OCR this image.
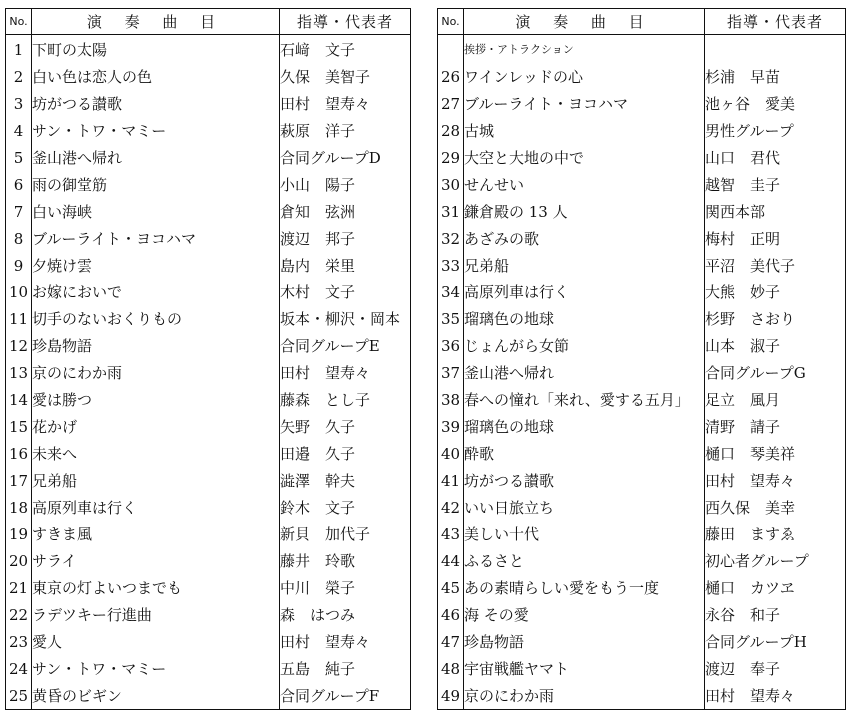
No.	演 奏 曲 目	指導・代表者
1	下町の太陽	石﨑　文子
2	白い色は恋人の色	久保　美智子
3	坊がつる讃歌	田村　望寿々
4	サン・トワ・マミー	萩原　洋子
5	釜山港へ帰れ	合同グループD
6	雨の御堂筋	小山　陽子
7	白い海峡	倉知　弦洲
8	ブルーライト・ヨコハマ	渡辺　邦子
9	夕焼け雲	島内　栄里
10	お嫁においで	木村　文子
11	切手のないおくりもの	坂本・柳沢・岡本
12	珍島物語	合同グループE
13	京のにわか雨	田村　望寿々
14	愛は勝つ	藤森　とし子
15	花かげ	矢野　久子
16	未来へ	田邉　久子
17	兄弟船	澁澤　幹夫
18	高原列車は行く	鈴木　文子
19	すきま風	新貝　加代子
20	サライ	藤井　玲歌
21	東京の灯よいつまでも	中川　榮子
22	ラデツキー行進曲	森　はつみ
23	愛人	田村　望寿々
24	サン・トワ・マミー	五島　純子
25	黄昏のビギン	合同グループF
No.	演 奏 曲 目	指導・代表者
	挨拶・アトラクション	
26	ワインレッドの心	杉浦　早苗
27	ブルーライト・ヨコハマ	池ヶ谷　愛美
28	古城	男性グループ
29	大空と大地の中で	山口　君代
30	せんせい	越智　圭子
31	鎌倉殿の 13 人	関西本部
32	あざみの歌	梅村　正明
33	兄弟船	平沼　美代子
34	高原列車は行く	大熊　妙子
35	瑠璃色の地球	杉野　さおり
36	じょんがら女節	山本　淑子
37	釜山港へ帰れ	合同グループG
38	春への憧れ「来れ、愛する五月」	足立　風月
39	瑠璃色の地球	清野　請子
40	酔歌	樋口　琴美祥
41	坊がつる讃歌	田村　望寿々
42	いい日旅立ち	西久保　美幸
43	美しい十代	藤田　ますゑ
44	ふるさと	初心者グループ
45	あの素晴らしい愛をもう一度	樋口　カツヱ
46	海 その愛	永谷　和子
47	珍島物語	合同グループH
48	宇宙戦艦ヤマト	渡辺　奉子
49	京のにわか雨	田村　望寿々
